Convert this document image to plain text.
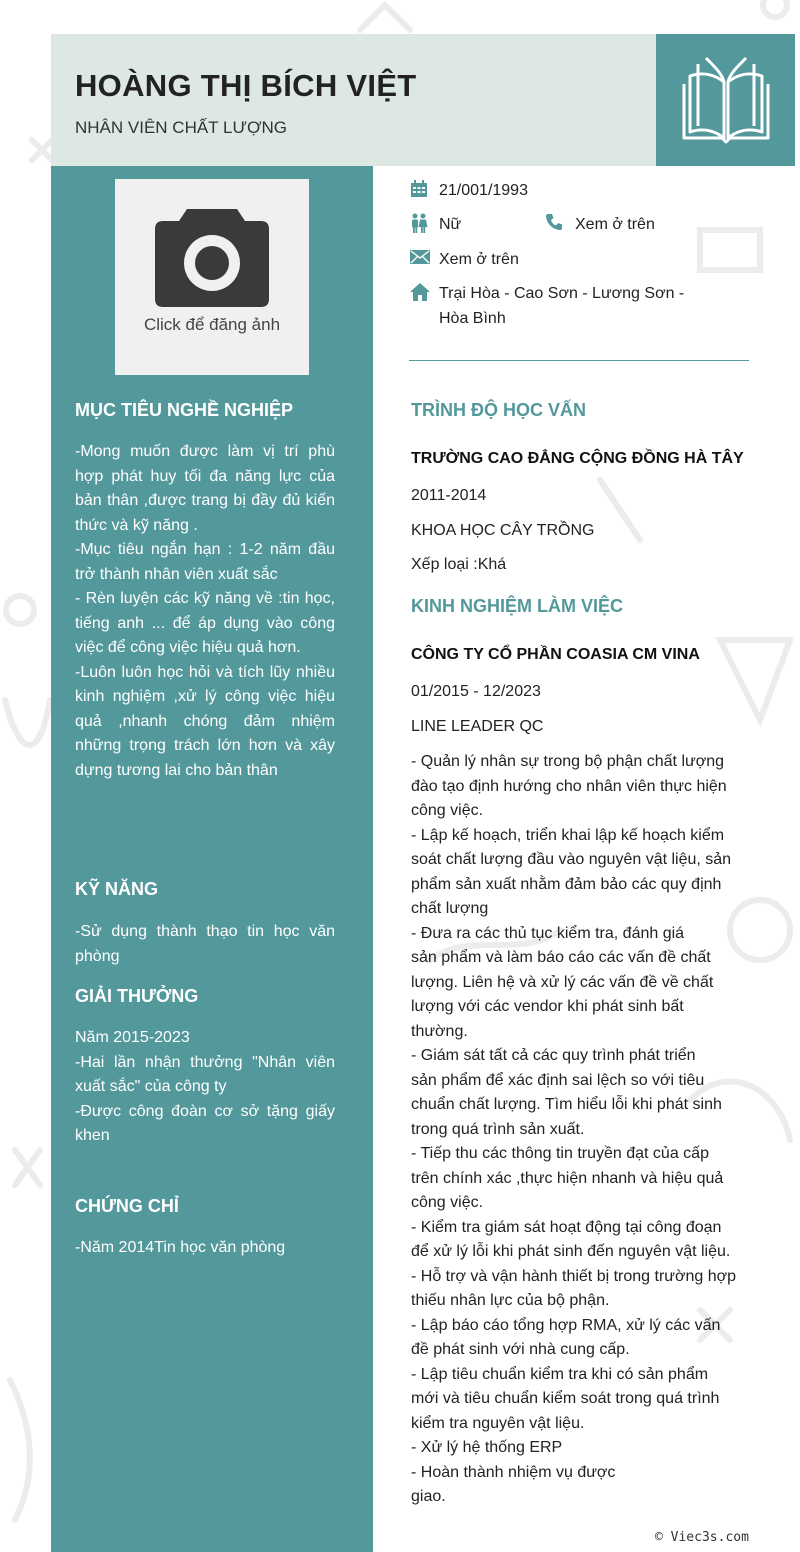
HOÀNG THỊ BÍCH VIỆT

NHÂN VIÊN CHẤT LƯỢNG

Click để đăng ảnh
MỤC TIÊU NGHỀ NGHIỆP
-Mong muốn được làm vị trí phù hợp phát huy tối đa năng lực của bản thân ,được trang bị đầy đủ kiến thức và kỹ năng .
-Mục tiêu ngắn hạn : 1-2 năm đầu trở thành nhân viên xuất sắc
- Rèn luyện các kỹ năng về :tin học, tiếng anh ... để áp dụng vào công việc để công việc hiệu quả hơn.
-Luôn luôn học hỏi và tích lũy nhiều kinh nghiệm ,xử lý công việc hiệu quả ,nhanh chóng đảm nhiệm những trọng trách lớn hơn và xây dựng tương lai cho bản thân
KỸ NĂNG
-Sử dụng thành thạo tin học văn phòng
GIẢI THƯỞNG
Năm 2015-2023
-Hai lần nhận thưởng "Nhân viên xuất sắc" của công ty
-Được công đoàn cơ sở tặng giấy khen
CHỨNG CHỈ
-Năm 2014Tin học văn phòng
21/001/1993
Nữ	Xem ở trên
Xem ở trên
Trại Hòa - Cao Sơn - Lương Sơn -
Hòa Bình
TRÌNH ĐỘ HỌC VẤN

TRƯỜNG CAO ĐẲNG CỘNG ĐỒNG HÀ TÂY

2011-2014

KHOA HỌC CÂY TRỒNG

Xếp loại :Khá

KINH NGHIỆM LÀM VIỆC

CÔNG TY CỔ PHẦN COASIA CM VINA

01/2015 - 12/2023

LINE LEADER QC

- Quản lý nhân sự trong bộ phận chất lượng
đào tạo định hướng cho nhân viên thực hiện
công việc.
- Lập kế hoạch, triển khai lập kế hoạch kiểm
soát chất lượng đầu vào nguyên vật liệu, sản
phẩm sản xuất nhằm đảm bảo các quy định
chất lượng
- Đưa ra các thủ tục kiểm tra, đánh giá
sản phẩm và làm báo cáo các vấn đề chất
lượng. Liên hệ và xử lý các vấn đề về chất
lượng với các vendor khi phát sinh bất
thường.
- Giám sát tất cả các quy trình phát triển
sản phẩm để xác định sai lệch so với tiêu
chuẩn chất lượng. Tìm hiểu lỗi khi phát sinh
trong quá trình sản xuất.
- Tiếp thu các thông tin truyền đạt của cấp
trên chính xác ,thực hiện nhanh và hiệu quả
công việc.
- Kiểm tra giám sát hoạt động tại công đoạn
để xử lý lỗi khi phát sinh đến nguyên vật liệu.
- Hỗ trợ và vận hành thiết bị trong trường hợp
thiếu nhân lực của bộ phận.
- Lập báo cáo tổng hợp RMA, xử lý các vấn
đề phát sinh với nhà cung cấp.
- Lập tiêu chuẩn kiểm tra khi có sản phẩm
mới và tiêu chuẩn kiểm soát trong quá trình
kiểm tra nguyên vật liệu.
- Xử lý hệ thống ERP
- Hoàn thành nhiệm vụ được
giao.
© Viec3s.com
